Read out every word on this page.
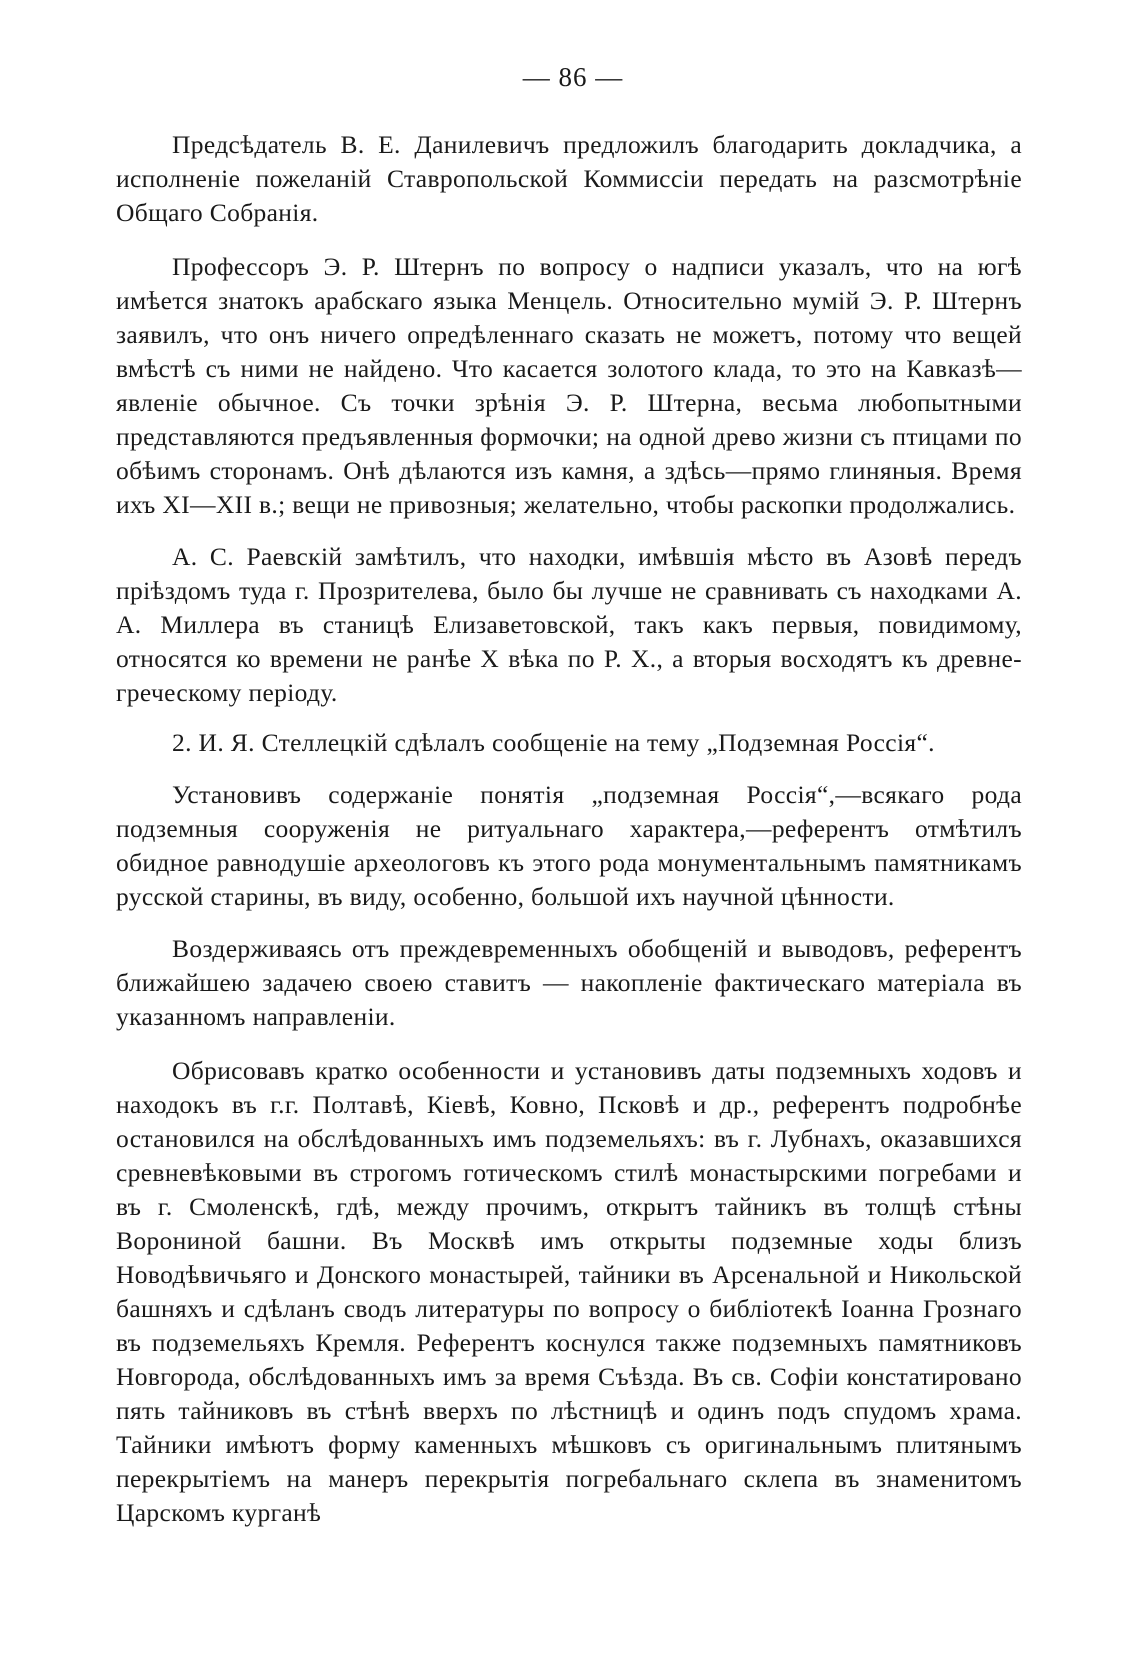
— 86 —

Предсѣдатель В. Е. Данилевичъ предложилъ благодарить докладчика, а исполненіе пожеланій Ставропольской Коммиссіи передать на разсмотрѣніе Общаго Собранія.

Профессоръ Э. Р. Штернъ по вопросу о надписи указалъ, что на югѣ имѣется знатокъ арабскаго языка Менцель. Относительно мумій Э. Р. Штернъ заявилъ, что онъ ничего опредѣленнаго сказать не можетъ, потому что вещей вмѣстѣ съ ними не найдено. Что касается золотого клада, то это на Кавказѣ—явленіе обычное. Съ точки зрѣнія Э. Р. Штерна, весьма любопытными представляются предъявленныя формочки; на одной древо жизни съ птицами по обѣимъ сторонамъ. Онѣ дѣлаются изъ камня, а здѣсь—прямо глиняныя. Время ихъ XI—XII в.; вещи не привозныя; желательно, чтобы раскопки продолжались.

А. С. Раевскій замѣтилъ, что находки, имѣвшія мѣсто въ Азовѣ передъ пріѣздомъ туда г. Прозрителева, было бы лучше не сравнивать съ находками А. А. Миллера въ станицѣ Елизаветовской, такъ какъ первыя, повидимому, относятся ко времени не ранѣе X вѣка по Р. Х., а вторыя восходятъ къ древне-греческому періоду.

2. И. Я. Стеллецкій сдѣлалъ сообщеніе на тему „Подземная Россія“.

Установивъ содержаніе понятія „подземная Россія“,—всякаго рода подземныя сооруженія не ритуальнаго характера,—референтъ отмѣтилъ обидное равнодушіе археологовъ къ этого рода монументальнымъ памятникамъ русской старины, въ виду, особенно, большой ихъ научной цѣнности.

Воздерживаясь отъ преждевременныхъ обобщеній и выводовъ, референтъ ближайшею задачею своею ставитъ — накопленіе фактическаго матеріала въ указанномъ направленіи.

Обрисовавъ кратко особенности и установивъ даты подземныхъ ходовъ и находокъ въ г.г. Полтавѣ, Кіевѣ, Ковно, Псковѣ и др., референтъ подробнѣе остановился на обслѣдованныхъ имъ подземельяхъ: въ г. Лубнахъ, оказавшихся сревневѣковыми въ строгомъ готическомъ стилѣ монастырскими погребами и въ г. Смоленскѣ, гдѣ, между прочимъ, открытъ тайникъ въ толщѣ стѣны Ворониной башни. Въ Москвѣ имъ открыты подземные ходы близъ Новодѣвичьяго и Донского монастырей, тайники въ Арсенальной и Никольской башняхъ и сдѣланъ сводъ литературы по вопросу о библіотекѣ Іоанна Грознаго въ подземельяхъ Кремля. Референтъ коснулся также подземныхъ памятниковъ Новгорода, обслѣдованныхъ имъ за время Съѣзда. Въ св. Софіи констатировано пять тайниковъ въ стѣнѣ вверхъ по лѣстницѣ и одинъ подъ спудомъ храма. Тайники имѣютъ форму каменныхъ мѣшковъ съ оригинальнымъ плитянымъ перекрытіемъ на манеръ перекрытія погребальнаго склепа въ знаменитомъ Царскомъ курганѣ
